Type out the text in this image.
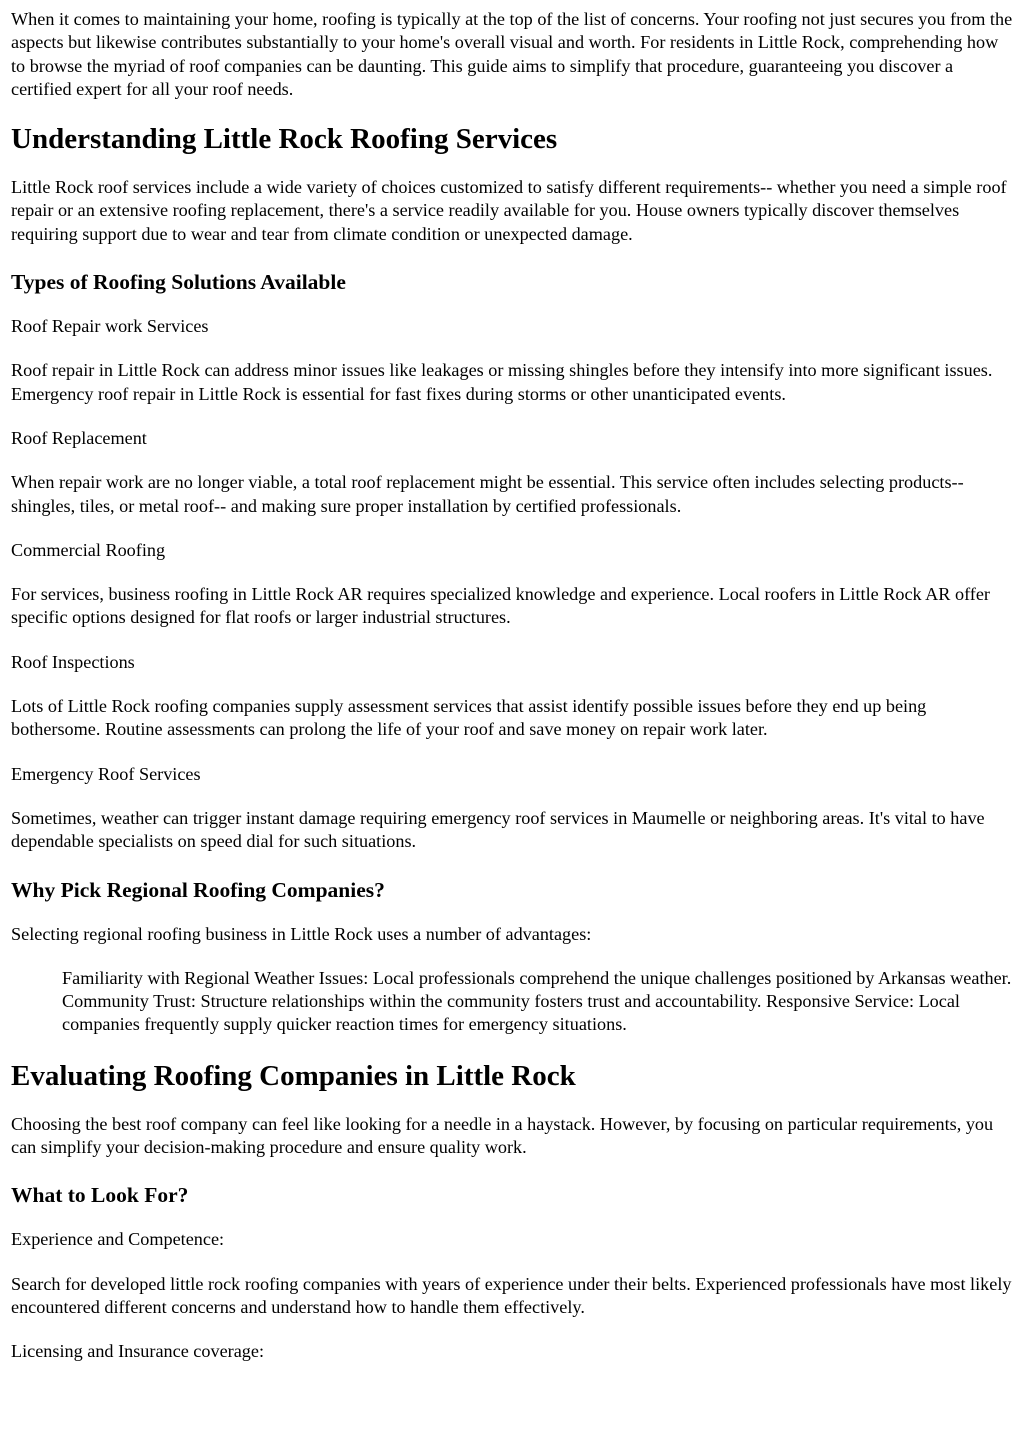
When it comes to maintaining your home, roofing is typically at the top of the list of concerns. Your roofing not just secures you from the aspects but likewise contributes substantially to your home's overall visual and worth. For residents in Little Rock, comprehending how to browse the myriad of roof companies can be daunting. This guide aims to simplify that procedure, guaranteeing you discover a certified expert for all your roof needs.

Understanding Little Rock Roofing Services

Little Rock roof services include a wide variety of choices customized to satisfy different requirements-- whether you need a simple roof repair or an extensive roofing replacement, there's a service readily available for you. House owners typically discover themselves requiring support due to wear and tear from climate condition or unexpected damage.

Types of Roofing Solutions Available

Roof Repair work Services

Roof repair in Little Rock can address minor issues like leakages or missing shingles before they intensify into more significant issues. Emergency roof repair in Little Rock is essential for fast fixes during storms or other unanticipated events.

Roof Replacement

When repair work are no longer viable, a total roof replacement might be essential. This service often includes selecting products-- shingles, tiles, or metal roof-- and making sure proper installation by certified professionals.

Commercial Roofing

For services, business roofing in Little Rock AR requires specialized knowledge and experience. Local roofers in Little Rock AR offer specific options designed for flat roofs or larger industrial structures.

Roof Inspections

Lots of Little Rock roofing companies supply assessment services that assist identify possible issues before they end up being bothersome. Routine assessments can prolong the life of your roof and save money on repair work later.

Emergency Roof Services

Sometimes, weather can trigger instant damage requiring emergency roof services in Maumelle or neighboring areas. It's vital to have dependable specialists on speed dial for such situations.

Why Pick Regional Roofing Companies?

Selecting regional roofing business in Little Rock uses a number of advantages:

Familiarity with Regional Weather Issues: Local professionals comprehend the unique challenges positioned by Arkansas weather. Community Trust: Structure relationships within the community fosters trust and accountability. Responsive Service: Local companies frequently supply quicker reaction times for emergency situations.
Evaluating Roofing Companies in Little Rock

Choosing the best roof company can feel like looking for a needle in a haystack. However, by focusing on particular requirements, you can simplify your decision-making procedure and ensure quality work.

What to Look For?

Experience and Competence:

Search for developed little rock roofing companies with years of experience under their belts. Experienced professionals have most likely encountered different concerns and understand how to handle them effectively.

Licensing and Insurance coverage:
